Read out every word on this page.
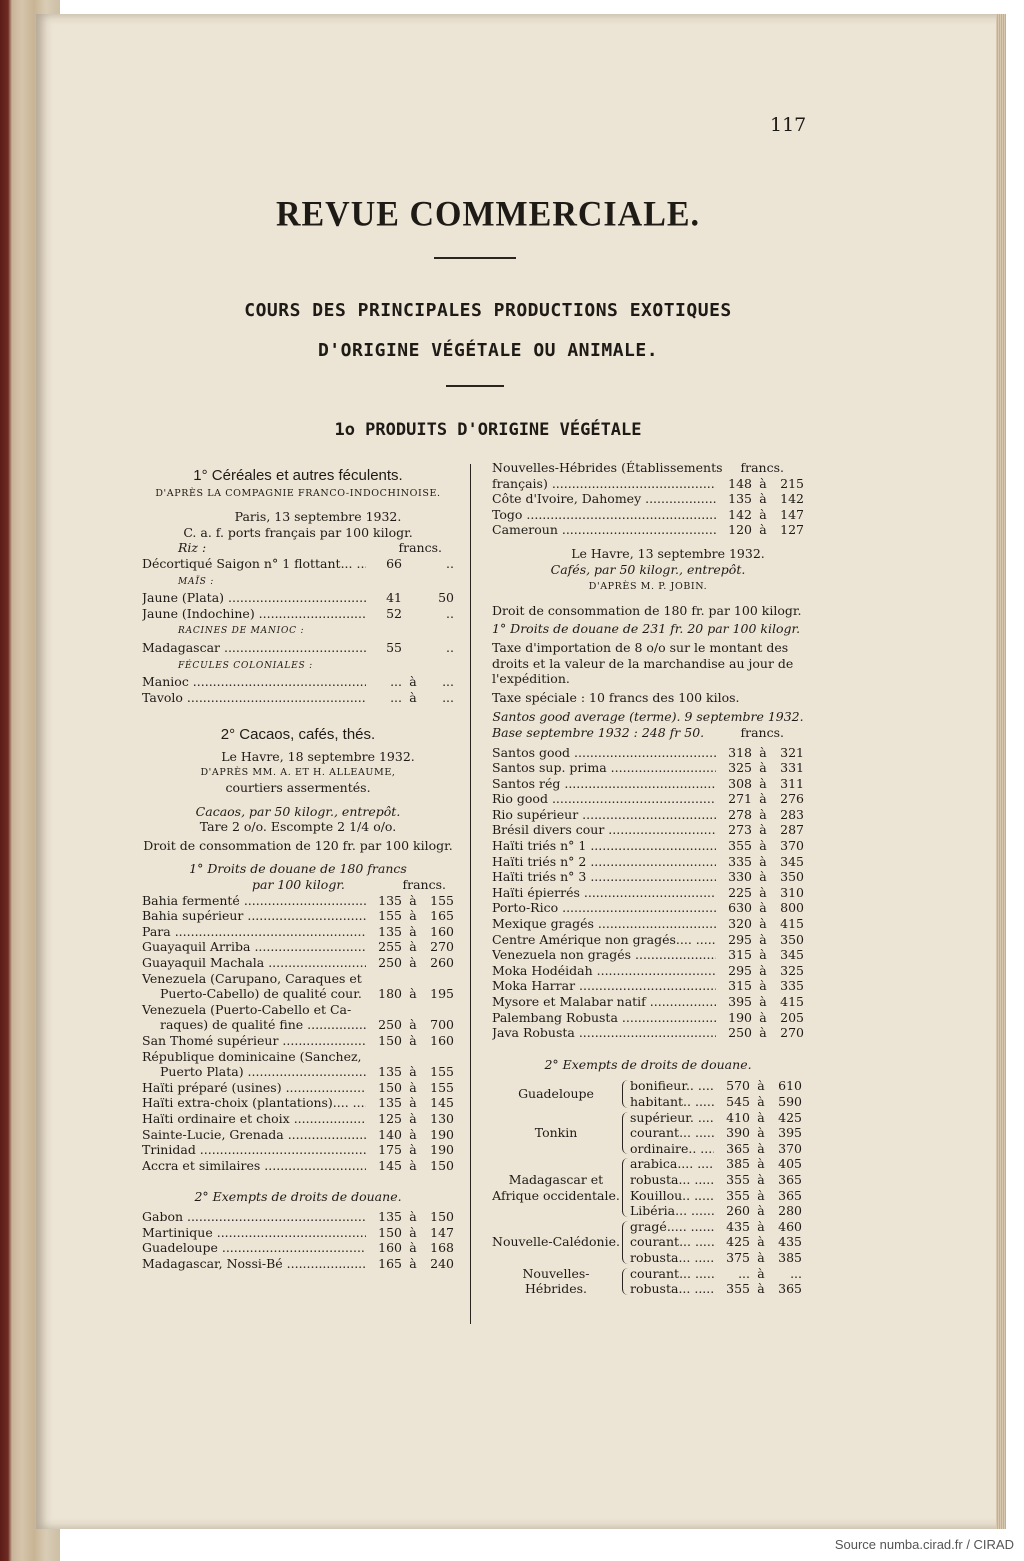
117
REVUE COMMERCIALE.
COURS DES PRINCIPALES PRODUCTIONS EXOTIQUES
D'ORIGINE VÉGÉTALE OU ANIMALE.
1o PRODUITS D'ORIGINE VÉGÉTALE
1° Céréales et autres féculents.
D'APRÈS LA COMPAGNIE FRANCO-INDOCHINOISE.
Paris, 13 septembre 1932.
C. a. f. ports français par 100 kilogr.
Riz :	francs.
Décortiqué Saigon n° 1 flottant... .....	66	..
MAÏS :
Jaune (Plata) .....	41	50
Jaune (Indochine) .....	52	..
RACINES DE MANIOC :
Madagascar .....	55	..
FÉCULES COLONIALES :
Manioc .....	... à	...
Tavolo .....	... à	...
2° Cacaos, cafés, thés.
Le Havre, 18 septembre 1932.
D'APRÈS MM. A. ET H. ALLEAUME,
courtiers assermentés.
Cacaos, par 50 kilogr., entrepôt.
Tare 2 o/o. Escompte 2 1/4 o/o.
Droit de consommation de 120 fr. par 100 kilogr.
1° Droits de douane de 180 francs
par 100 kilogr.	francs.
Bahia fermenté .....	135 à	155
Bahia supérieur .....	155 à	165
Para .....	135 à	160
Guayaquil Arriba .....	255 à	270
Guayaquil Machala .....	250 à	260
Venezuela (Carupano, Caraques et
Puerto-Cabello) de qualité cour. .....	180 à	195
Venezuela (Puerto-Cabello et Ca-
raques) de qualité fine .....	250 à	700
San Thomé supérieur .....	150 à	160
République dominicaine (Sanchez,
Puerto Plata) .....	135 à	155
Haïti préparé (usines) .....	150 à	155
Haïti extra-choix (plantations).... .....	135 à	145
Haïti ordinaire et choix .....	125 à	130
Sainte-Lucie, Grenada .....	140 à	190
Trinidad .....	175 à	190
Accra et similaires .....	145 à	150
2° Exempts de droits de douane.
Gabon .....	135 à	150
Martinique .....	150 à	147
Guadeloupe .....	160 à	168
Madagascar, Nossi-Bé .....	165 à	240
Nouvelles-Hébrides (Établissements francs.
français) .....	148 à	215
Côte d'Ivoire, Dahomey .....	135 à	142
Togo .....	142 à	147
Cameroun .....	120 à	127
Le Havre, 13 septembre 1932.
Cafés, par 50 kilogr., entrepôt.
D'APRÈS M. P. JOBIN.
Droit de consommation de 180 fr. par 100 kilogr.
1° Droits de douane de 231 fr. 20 par 100 kilogr.
Taxe d'importation de 8 o/o sur le montant des droits et la valeur de la marchandise au jour de l'expédition.
Taxe spéciale : 10 francs des 100 kilos.
Santos good average (terme). 9 septembre 1932.
Base septembre 1932 : 248 fr 50.	francs.
Santos good .....	318 à	321
Santos sup. prima .....	325 à	331
Santos rég .....	308 à	311
Rio good .....	271 à	276
Rio supérieur .....	278 à	283
Brésil divers cour .....	273 à	287
Haïti triés n° 1 .....	355 à	370
Haïti triés n° 2 .....	335 à	345
Haïti triés n° 3 .....	330 à	350
Haïti épierrés .....	225 à	310
Porto-Rico .....	630 à	800
Mexique gragés .....	320 à	415
Centre Amérique non gragés.... .....	295 à	350
Venezuela non gragés .....	315 à	345
Moka Hodéidah .....	295 à	325
Moka Harrar .....	315 à	335
Mysore et Malabar natif .....	395 à	415
Palembang Robusta .....	190 à	205
Java Robusta .....	250 à	270
2° Exempts de droits de douane.
Guadeloupe
bonifieur.. .....	570 à	610
habitant.. .....	545 à	590
Tonkin
supérieur. .....	410 à	425
courant... .....	390 à	395
ordinaire.. .....	365 à	370
Madagascar et Afrique occidentale.
arabica.... .....	385 à	405
robusta... .....	355 à	365
Kouillou.. .....	355 à	365
Libéria... .....	260 à	280
Nouvelle-Calédonie.
gragé..... .....	435 à	460
courant... .....	425 à	435
robusta... .....	375 à	385
Nouvelles-Hébrides.
courant... .....	... à	...
robusta... .....	355 à	365
Source numba.cirad.fr / CIRAD
